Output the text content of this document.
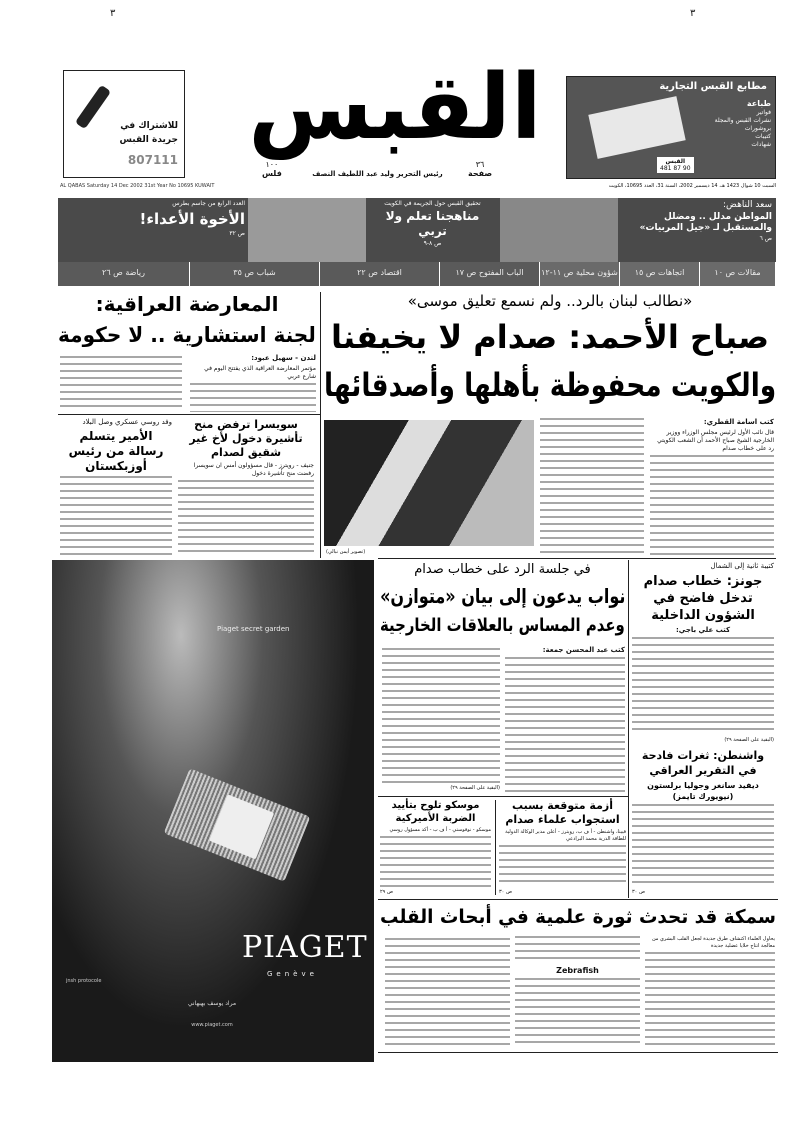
٣	٣
للاشتراك في
جريدة القبس
807111
AL QABAS Saturday 14 Dec 2002 31st Year No 10695 KUWAIT
القبس
١٠٠
فلس
٣٦
صفحة
رئيس التحرير وليد عبد اللطيف النصف
مطابع القبس التجارية
طباعة
فواتير
نشرات القبس والمجلة
بروشورات
كتيبات
شهادات
القبس
481 87 90
السبت 10 شوال 1423 هـ، 14 ديسمبر 2002، السنة 31، العدد 10695، الكويت
سعد الناهض:
المواطن مدلل .. ومضلل والمستقبل لـ «جيل المربيات»
ص ٦
تحقيق القبس حول الجريمة في الكويت
مناهجنا تعلم ولا تربي
ص ٨-٩
العدد الرابع من جاسم بطرس
الأخوة الأعداء!
ص ٣٢
مقالات ص ١٠
اتجاهات ص ١٥
شؤون محلية ص ١١-١٢
الباب المفتوح ص ١٧
اقتصاد ص ٢٢
شباب ص ٣٥
رياضة ص ٢٦
«نطالب لبنان بالرد.. ولم نسمع تعليق موسى»
صباح الأحمد: صدام لا يخيفنا
والكويت محفوظة بأهلها وأصدقائها
المعارضة العراقية:
لجنة استشارية .. لا حكومة
لندن - سهيل عبود:
مؤتمر المعارضة العراقية الذي يفتتح اليوم في شارع عربي
سويسرا ترفض منح تأشيرة دخول لأخ غير شقيق لصدام
جنيف - رويترز - قال مسؤولون أمس ان سويسرا رفضت منح تأشيرة دخول
وفد روسي عسكري وصل البلاد
الأمير يتسلم رسالة من رئيس أوزبكستان
(تصوير أيمن نبالي)
كتب اسامة القطري:
قال نائب الأول لرئيس مجلس الوزراء ووزير الخارجية الشيخ صباح الأحمد أن الشعب الكويتي رد على خطاب صدام
Piaget secret garden
PIAGET
Genève
jnsh protocole
مراد يوسف بهبهاني
www.piaget.com
في جلسة الرد على خطاب صدام
نواب يدعون إلى بيان «متوازن»
وعدم المساس بالعلاقات الخارجية
كتب عبد المحسن جمعة:
(البقية على الصفحة ٢٩)
كتيبة ثانية إلى الشمال
جونز: خطاب صدام تدخل فاضح في الشؤون الداخلية
كتب علي باجي:
(البقية على الصفحة ٢٩)
واشنطن: ثغرات فادحة في التقرير العراقي
ديفيد سانغر وجوليا برلستون (نيويورك تايمز)
ص ٣٠
أزمة متوقعة بسبب استجواب علماء صدام
فيينا، واشنطن - أ ف ب، رويترز - أعلن مدير الوكالة الدولية للطاقة الذرية محمد البرادعي
ص ٣٠
موسكو تلوح بتأييد الضربة الأميركية
موسكو - نوفوستي - أ ف ب - أكد مسؤول روسي
ص ٢٩
سمكة قد تحدث ثورة علمية في أبحاث القلب
يحاول العلماء اكتشاف طرق جديدة لجعل القلب البشري من معالجة انتاج خلايا عضلية جديدة
Zebrafish
